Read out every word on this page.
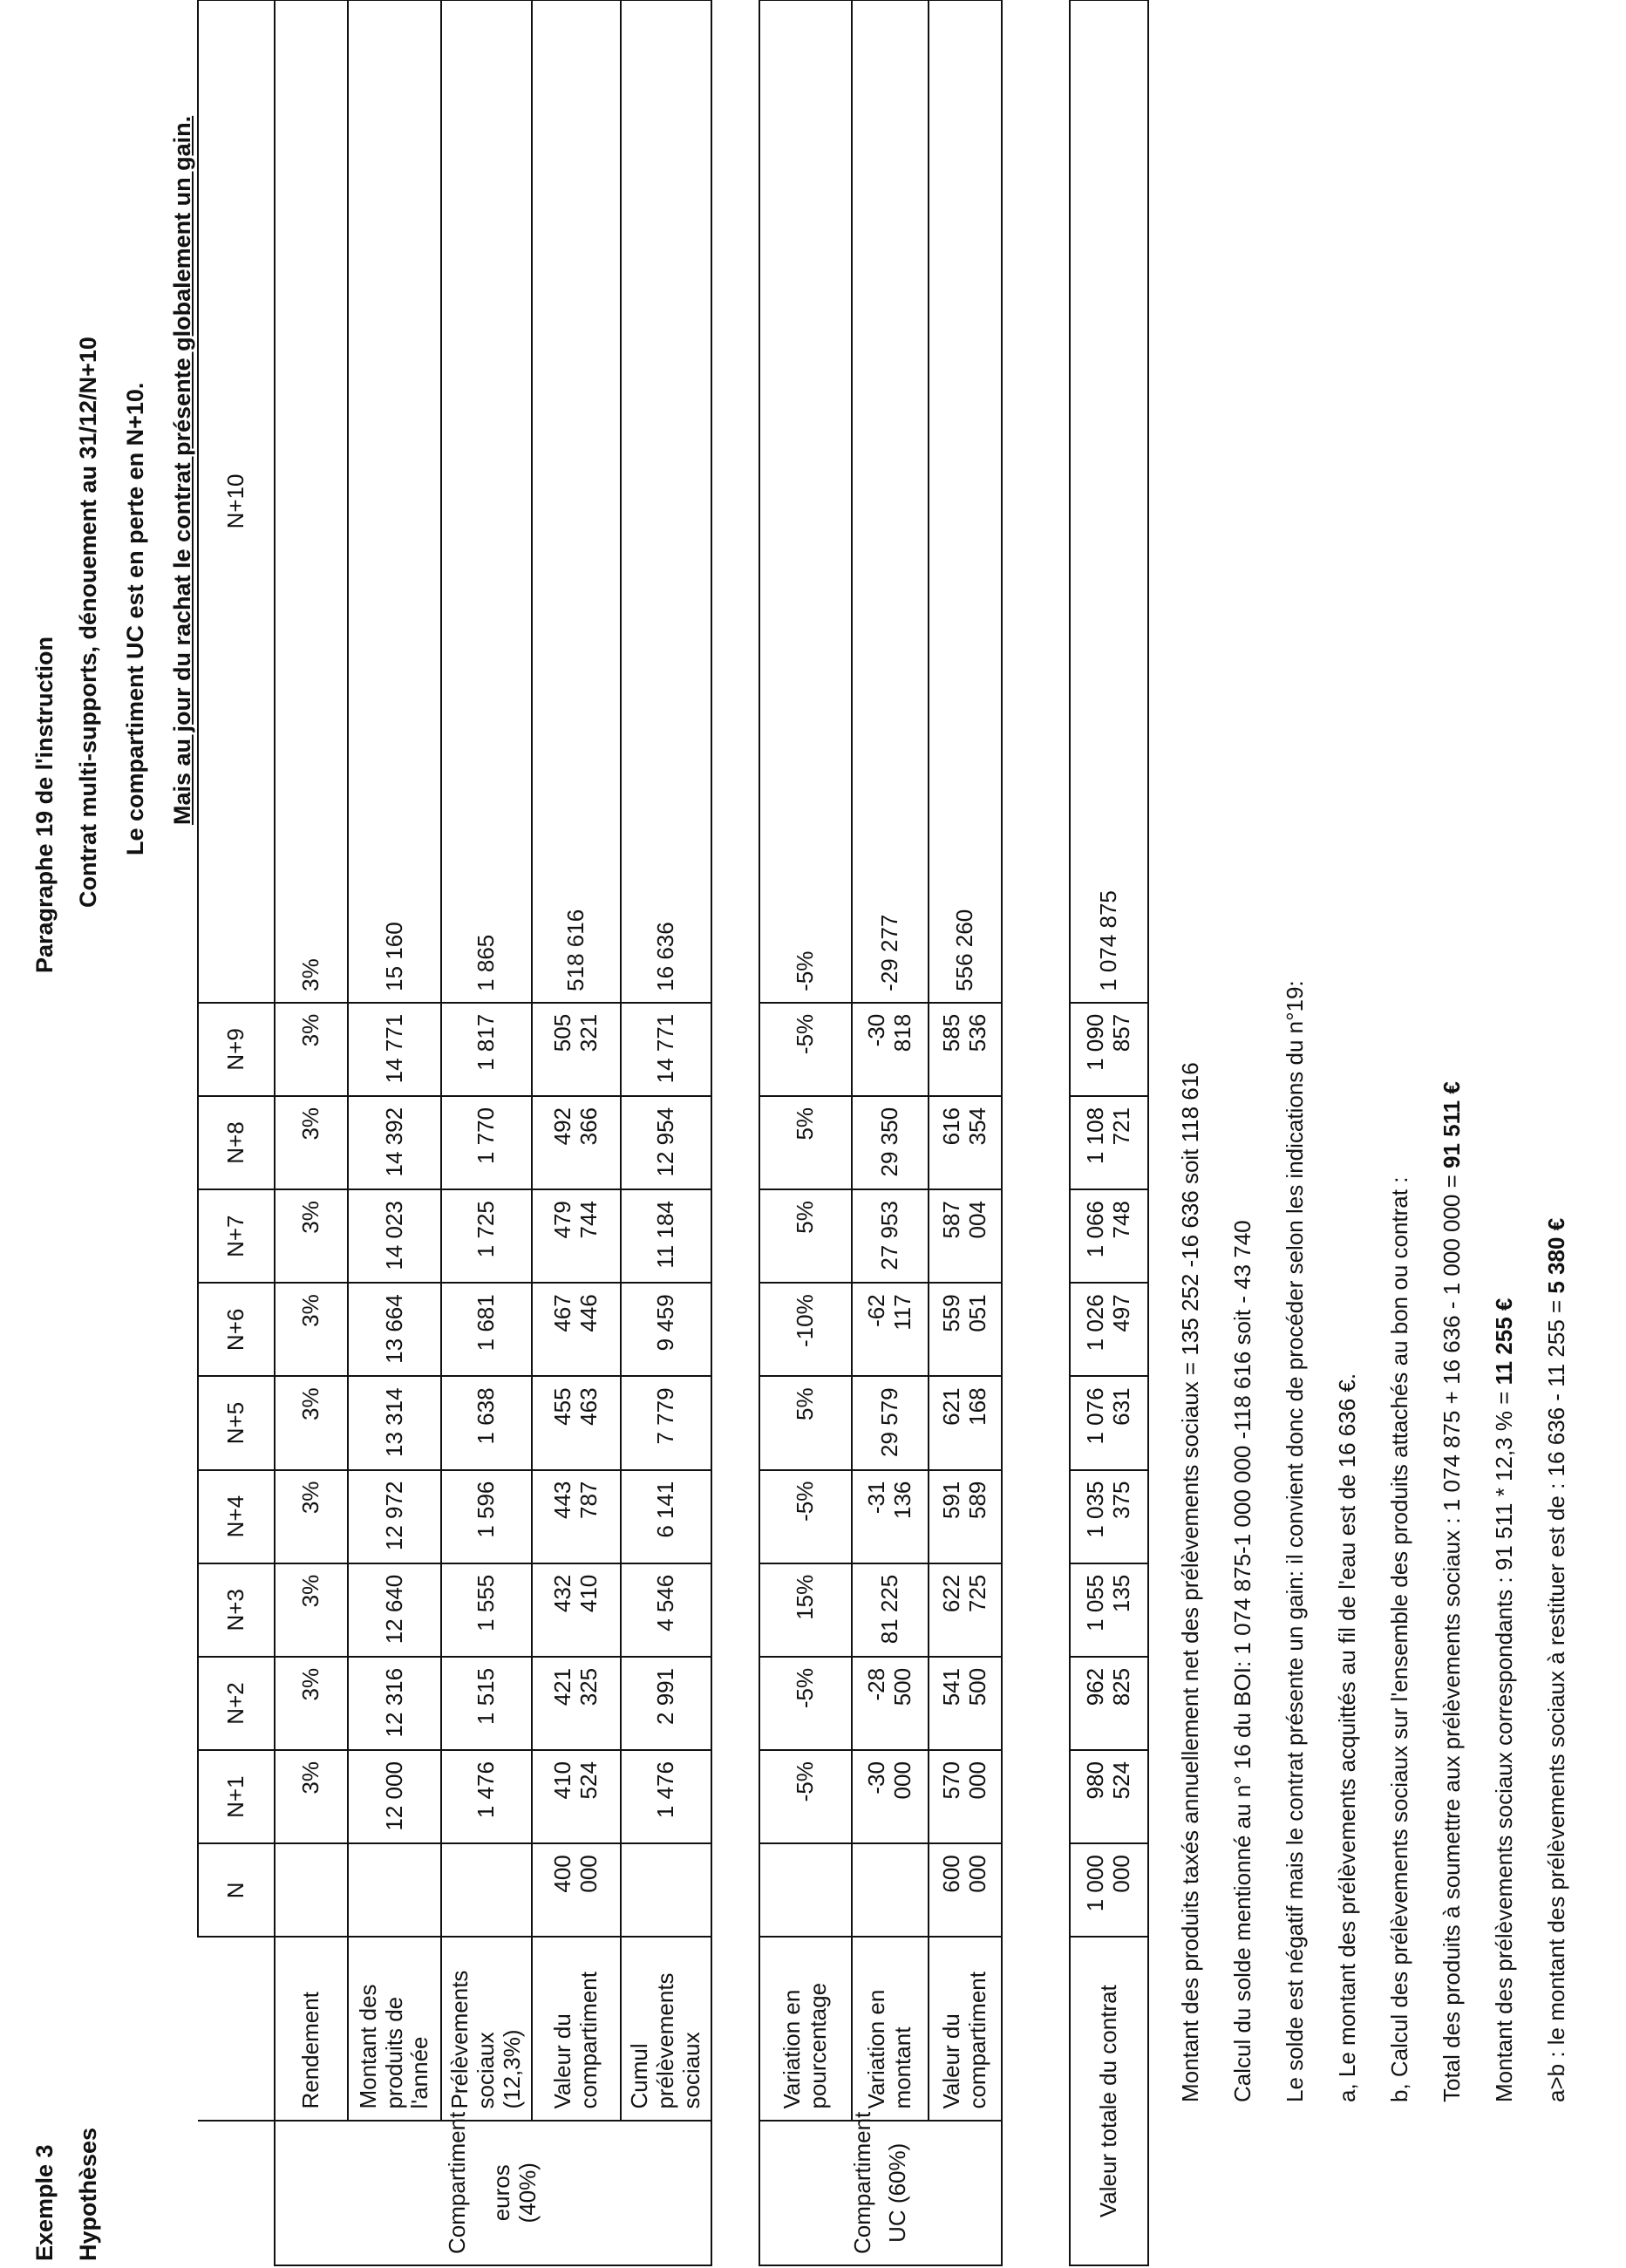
Exemple 3 Hypothèses
Paragraphe 19 de l'instruction Contrat multi-supports, dénouement au 31/12/N+10 Le compartiment UC est en perte en N+10. Mais au jour du rachat le contrat présente globalement un gain.
		N	N+1	N+2	N+3	N+4	N+5	N+6	N+7	N+8	N+9	N+10

Compartiment euros (40%)	Rendement		3%	3%	3%	3%	3%	3%	3%	3%	3%	3%
	Montant des produits de l'année		12 000	12 316	12 640	12 972	13 314	13 664	14 023	14 392	14 771	15 160
	Prélèvements sociaux (12,3%)		1 476	1 515	1 555	1 596	1 638	1 681	1 725	1 770	1 817	1 865
	Valeur du compartiment	400 000	410 524	421 325	432 410	443 787	455 463	467 446	479 744	492 366	505 321	518 616
	Cumul prélèvements sociaux		1 476	2 991	4 546	6 141	7 779	9 459	11 184	12 954	14 771	16 636
Compartiment UC (60%)	Variation en pourcentage		-5%	-5%	15%	-5%	5%	-10%	5%	5%	-5%	-5%
	Variation en montant		-30 000	-28 500	81 225	-31 136	29 579	-62 117	27 953	29 350	-30 818	-29 277
	Valeur du compartiment	600 000	570 000	541 500	622 725	591 589	621 168	559 051	587 004	616 354	585 536	556 260
Valeur totale du contrat	1 000 000	980 524	962 825	1 055 135	1 035 375	1 076 631	1 026 497	1 066 748	1 108 721	1 090 857	1 074 875
Montant des produits taxés annuellement net des prélèvements sociaux = 135 252 -16 636 soit 118 616 Calcul du solde mentionné au n° 16 du BOI: 1 074 875-1 000 000 -118 616 soit - 43 740 Le solde est négatif mais le contrat présente un gain: il convient donc de procéder selon les indications du n°19: a, Le montant des prélèvements acquittés au fil de l'eau est de 16 636 €. b, Calcul des prélèvements sociaux sur l'ensemble des produits attachés au bon ou contrat : Total des produits à soumettre aux prélèvements sociaux : 1 074 875 + 16 636 - 1 000 000 = 91 511 €
Montant des prélèvements sociaux correspondants : 91 511 * 12,3 % = 11 255 € a>b : le montant des prélèvements sociaux à restituer est de : 16 636 - 11 255 = 5 380 €
